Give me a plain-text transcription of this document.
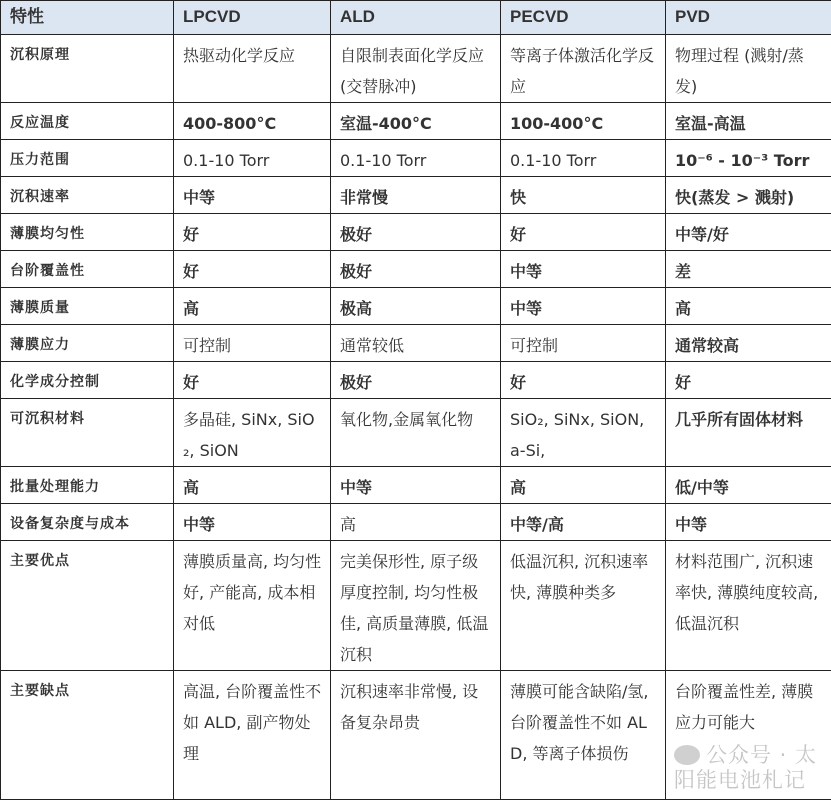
特性	LPCVD	ALD	PECVD	PVD
沉积原理	热驱动化学反应	自限制表面化学反应 (交替脉冲)	等离子体激活化学反应	物理过程 (溅射/蒸发)
反应温度	400-800°C	室温-400°C	100-400°C	室温-高温
压力范围	0.1-10 Torr	0.1-10 Torr	0.1-10 Torr	10⁻⁶ - 10⁻³ Torr
沉积速率	中等	非常慢	快	快(蒸发 > 溅射)
薄膜均匀性	好	极好	好	中等/好
台阶覆盖性	好	极好	中等	差
薄膜质量	高	极高	中等	高
薄膜应力	可控制	通常较低	可控制	通常较高
化学成分控制	好	极好	好	好
可沉积材料	多晶硅, SiNx, SiO₂, SiON	氧化物,金属氧化物	SiO₂, SiNx, SiON, a-Si,	几乎所有固体材料
批量处理能力	高	中等	高	低/中等
设备复杂度与成本	中等	高	中等/高	中等
主要优点	薄膜质量高, 均匀性好, 产能高, 成本相对低	完美保形性, 原子级厚度控制, 均匀性极佳, 高质量薄膜, 低温沉积	低温沉积, 沉积速率快, 薄膜种类多	材料范围广, 沉积速率快, 薄膜纯度较高, 低温沉积
主要缺点	高温, 台阶覆盖性不如 ALD, 副产物处理	沉积速率非常慢, 设备复杂昂贵	薄膜可能含缺陷/氢, 台阶覆盖性不如 ALD, 等离子体损伤	台阶覆盖性差, 薄膜应力可能大
公众号 · 太阳能电池札记
